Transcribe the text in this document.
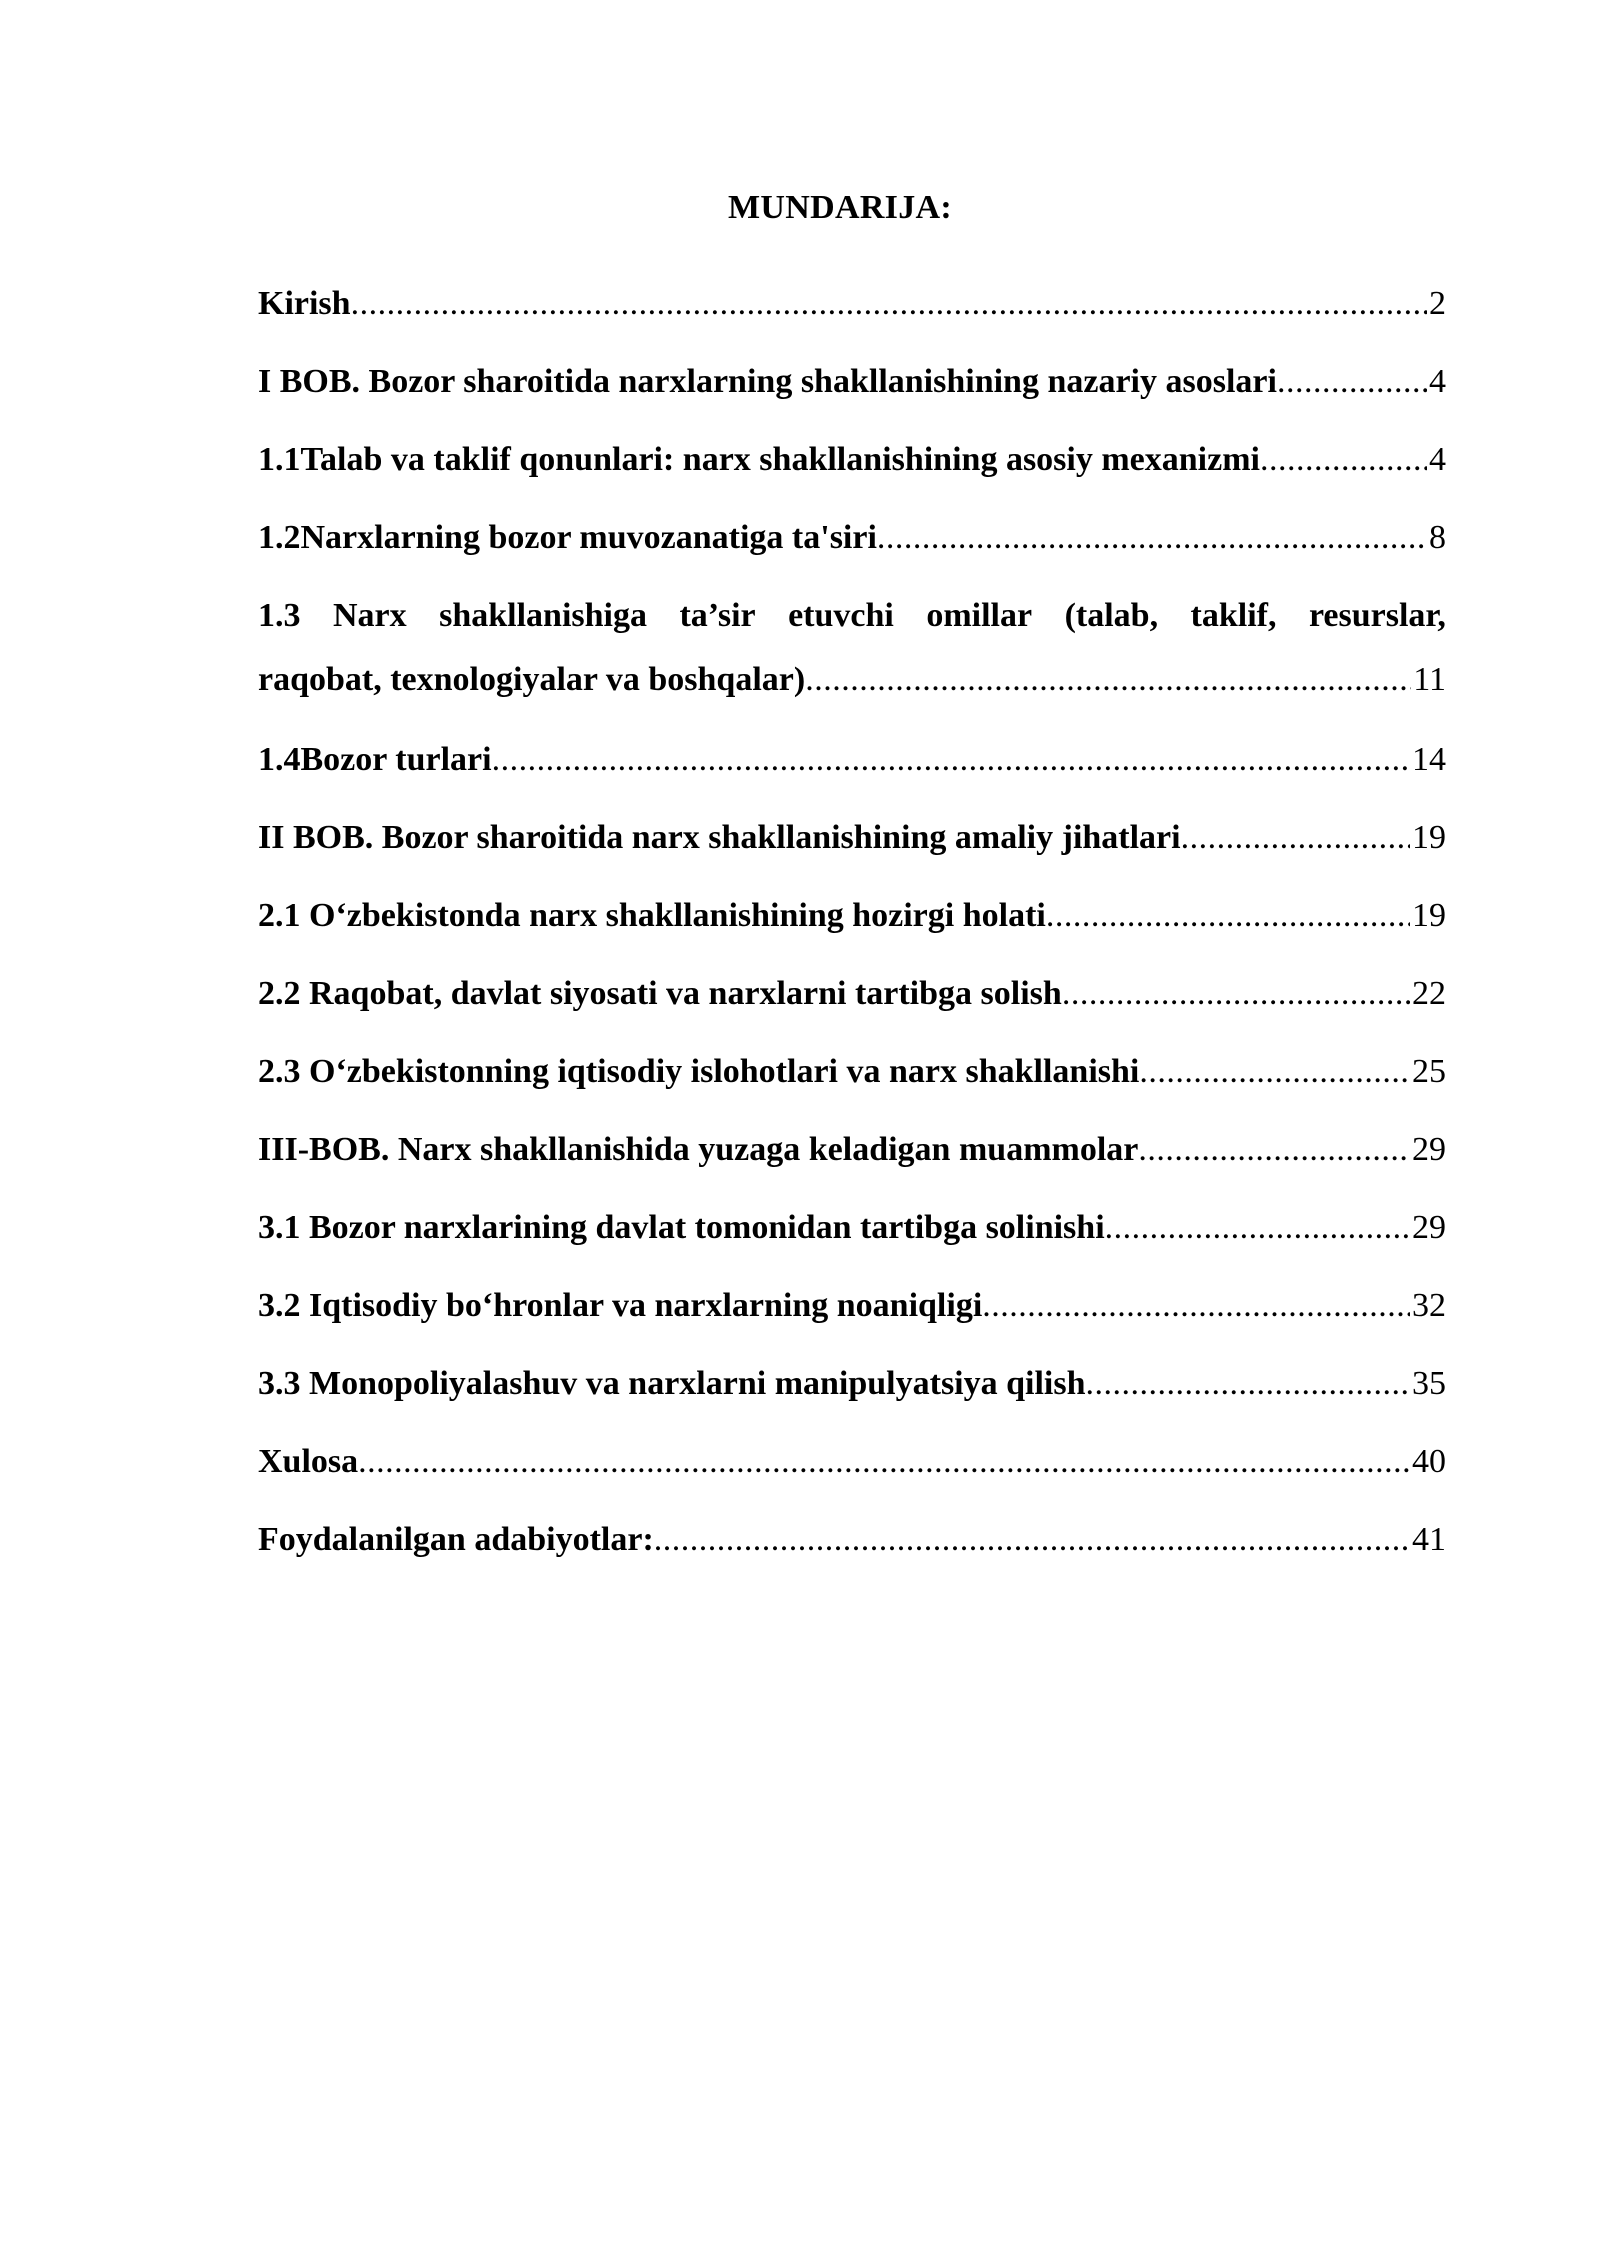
MUNDARIJA:
Kirish .....	2
I BOB. Bozor sharoitida narxlarning shakllanishining nazariy asoslari .....	4
1.1 Talab va taklif qonunlari: narx shakllanishining asosiy mexanizmi .....	4
1.2 Narxlarning bozor muvozanatiga ta'siri .....	8
1.3 Narx shakllanishiga ta’sir etuvchi omillar (talab, taklif, resurslar,
raqobat, texnologiyalar va boshqalar) .....	11
1.4 Bozor turlari .....	14
II BOB. Bozor sharoitida narx shakllanishining amaliy jihatlari .....	19
2.1 O‘zbekistonda narx shakllanishining hozirgi holati .....	19
2.2 Raqobat, davlat siyosati va narxlarni tartibga solish .....	22
2.3 O‘zbekistonning iqtisodiy islohotlari va narx shakllanishi .....	25
III-BOB. Narx shakllanishida yuzaga keladigan muammolar .....	29
3.1 Bozor narxlarining davlat tomonidan tartibga solinishi .....	29
3.2 Iqtisodiy bo‘hronlar va narxlarning noaniqligi .....	32
3.3 Monopoliyalashuv va narxlarni manipulyatsiya qilish .....	35
Xulosa .....	40
Foydalanilgan adabiyotlar: .....	41
